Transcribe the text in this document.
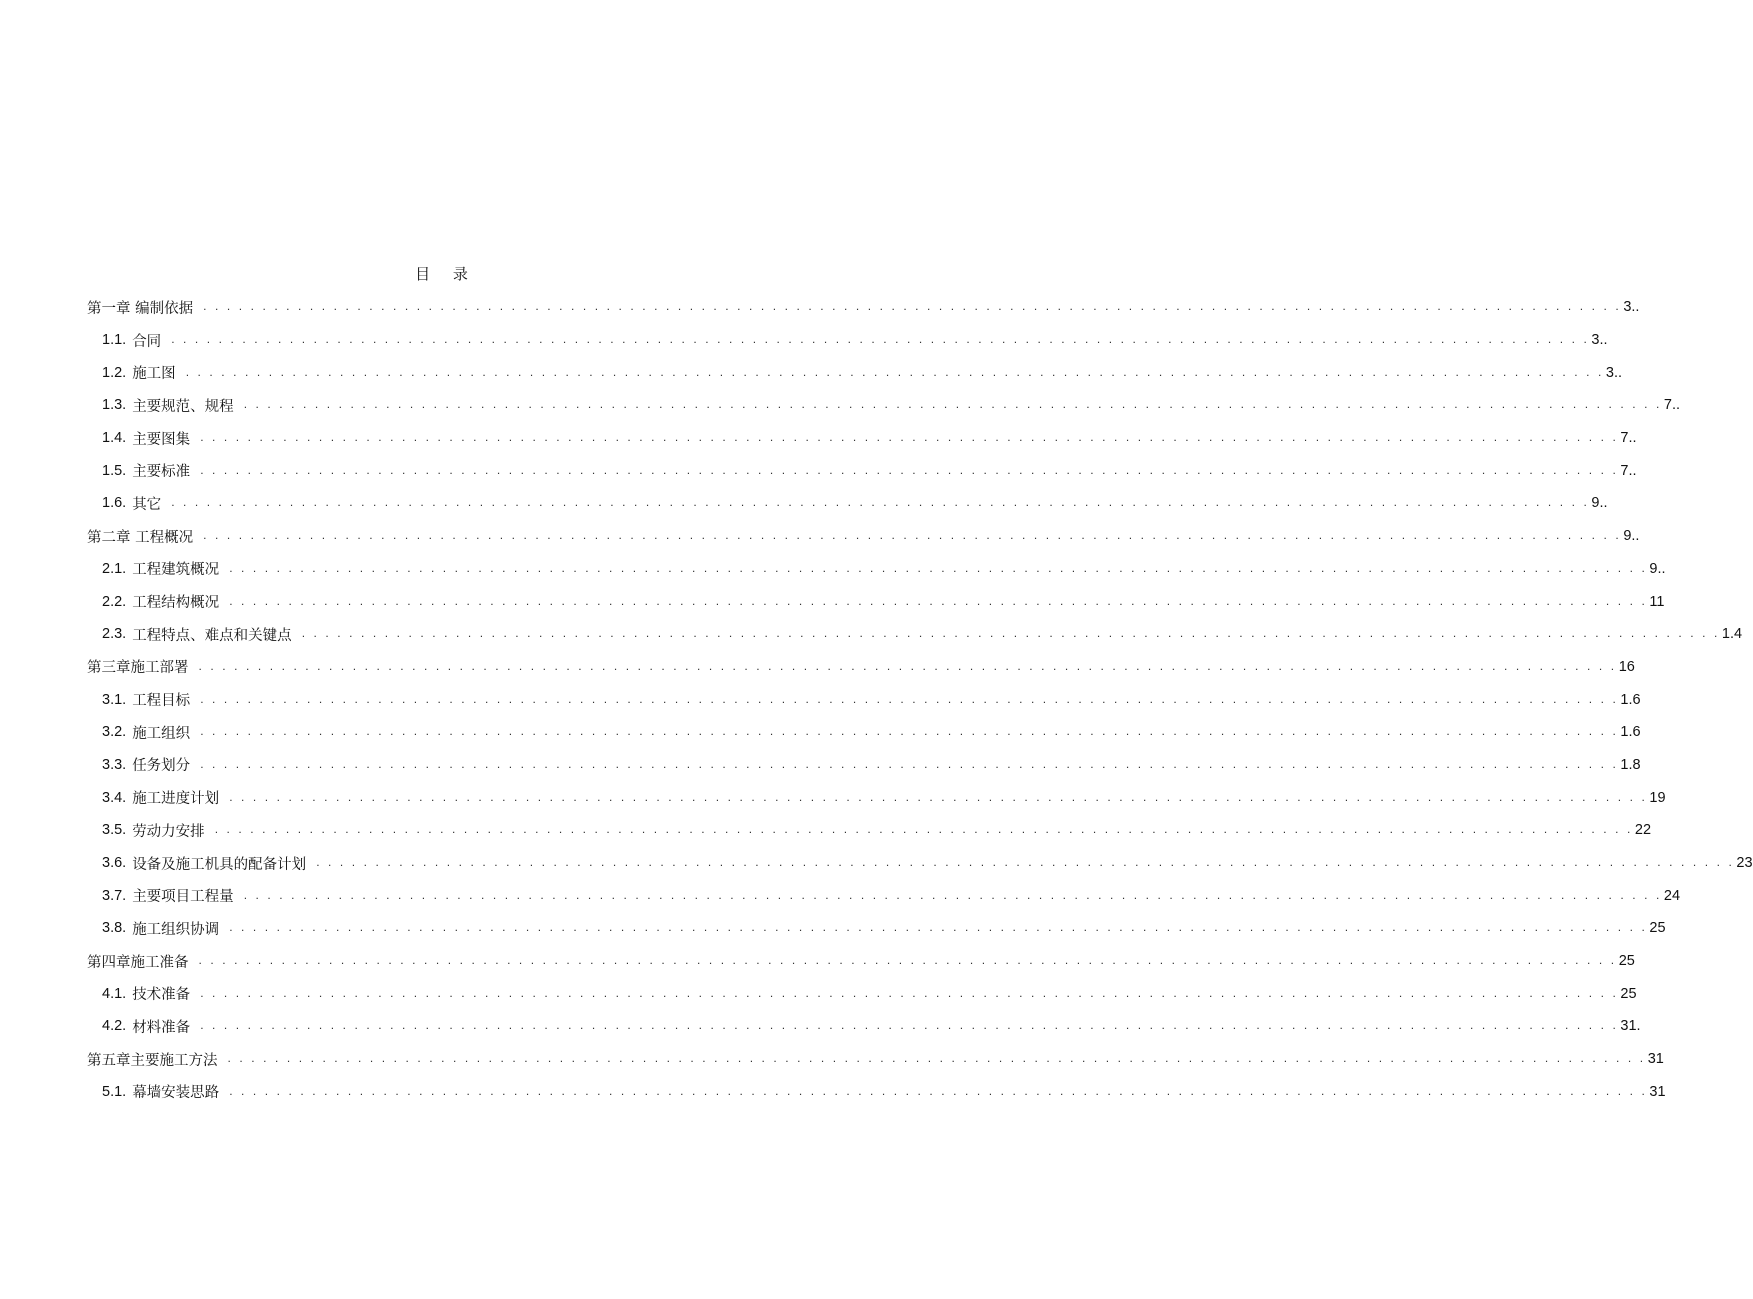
目 录
第一章 编制依据 . . . . . . . . . . . . . . . . . . . . . . . . . . . . . . . . . . . . . . . . . . . . . . . . . . . . . . . . . . . . . . . . . . . . . . . . . . . . . . . . . . . . . . . . . . . . . . . . . . . . . . . . . . . . . . . . . . . . . . . . 3..
1.1. 合同 . . . . . . . . . . . . . . . . . . . . . . . . . . . . . . . . . . . . . . . . . . . . . . . . . . . . . . . . . . . . . . . . . . . . . . . . . . . . . . . . . . . . . . . . . . . . . . . . . . . . . . . . . . . . . . . . . . . . . . . . 3..
1.2. 施工图 . . . . . . . . . . . . . . . . . . . . . . . . . . . . . . . . . . . . . . . . . . . . . . . . . . . . . . . . . . . . . . . . . . . . . . . . . . . . . . . . . . . . . . . . . . . . . . . . . . . . . . . . . . . . . . . . . . . . . . . . 3..
1.3. 主要规范、规程 . . . . . . . . . . . . . . . . . . . . . . . . . . . . . . . . . . . . . . . . . . . . . . . . . . . . . . . . . . . . . . . . . . . . . . . . . . . . . . . . . . . . . . . . . . . . . . . . . . . . . . . . . . . . . . . . . . . . . . . . 7..
1.4. 主要图集 . . . . . . . . . . . . . . . . . . . . . . . . . . . . . . . . . . . . . . . . . . . . . . . . . . . . . . . . . . . . . . . . . . . . . . . . . . . . . . . . . . . . . . . . . . . . . . . . . . . . . . . . . . . . . . . . . . . . . . . . 7..
1.5. 主要标准 . . . . . . . . . . . . . . . . . . . . . . . . . . . . . . . . . . . . . . . . . . . . . . . . . . . . . . . . . . . . . . . . . . . . . . . . . . . . . . . . . . . . . . . . . . . . . . . . . . . . . . . . . . . . . . . . . . . . . . . . 7..
1.6. 其它 . . . . . . . . . . . . . . . . . . . . . . . . . . . . . . . . . . . . . . . . . . . . . . . . . . . . . . . . . . . . . . . . . . . . . . . . . . . . . . . . . . . . . . . . . . . . . . . . . . . . . . . . . . . . . . . . . . . . . . . . 9..
第二章 工程概况 . . . . . . . . . . . . . . . . . . . . . . . . . . . . . . . . . . . . . . . . . . . . . . . . . . . . . . . . . . . . . . . . . . . . . . . . . . . . . . . . . . . . . . . . . . . . . . . . . . . . . . . . . . . . . . . . . . . . . . . . 9..
2.1. 工程建筑概况 . . . . . . . . . . . . . . . . . . . . . . . . . . . . . . . . . . . . . . . . . . . . . . . . . . . . . . . . . . . . . . . . . . . . . . . . . . . . . . . . . . . . . . . . . . . . . . . . . . . . . . . . . . . . . . . . . . . . . . . . 9..
2.2. 工程结构概况 . . . . . . . . . . . . . . . . . . . . . . . . . . . . . . . . . . . . . . . . . . . . . . . . . . . . . . . . . . . . . . . . . . . . . . . . . . . . . . . . . . . . . . . . . . . . . . . . . . . . . . . . . . . . . . . . . . . . . . . . 11
2.3. 工程特点、难点和关键点 . . . . . . . . . . . . . . . . . . . . . . . . . . . . . . . . . . . . . . . . . . . . . . . . . . . . . . . . . . . . . . . . . . . . . . . . . . . . . . . . . . . . . . . . . . . . . . . . . . . . . . . . . . . . . . . . . . . . . . . . 1.4
第三章施工部署 . . . . . . . . . . . . . . . . . . . . . . . . . . . . . . . . . . . . . . . . . . . . . . . . . . . . . . . . . . . . . . . . . . . . . . . . . . . . . . . . . . . . . . . . . . . . . . . . . . . . . . . . . . . . . . . . . . . . . . . . 16
3.1. 工程目标 . . . . . . . . . . . . . . . . . . . . . . . . . . . . . . . . . . . . . . . . . . . . . . . . . . . . . . . . . . . . . . . . . . . . . . . . . . . . . . . . . . . . . . . . . . . . . . . . . . . . . . . . . . . . . . . . . . . . . . . . 1.6
3.2. 施工组织 . . . . . . . . . . . . . . . . . . . . . . . . . . . . . . . . . . . . . . . . . . . . . . . . . . . . . . . . . . . . . . . . . . . . . . . . . . . . . . . . . . . . . . . . . . . . . . . . . . . . . . . . . . . . . . . . . . . . . . . . 1.6
3.3. 任务划分 . . . . . . . . . . . . . . . . . . . . . . . . . . . . . . . . . . . . . . . . . . . . . . . . . . . . . . . . . . . . . . . . . . . . . . . . . . . . . . . . . . . . . . . . . . . . . . . . . . . . . . . . . . . . . . . . . . . . . . . . 1.8
3.4. 施工进度计划 . . . . . . . . . . . . . . . . . . . . . . . . . . . . . . . . . . . . . . . . . . . . . . . . . . . . . . . . . . . . . . . . . . . . . . . . . . . . . . . . . . . . . . . . . . . . . . . . . . . . . . . . . . . . . . . . . . . . . . . . 19
3.5. 劳动力安排 . . . . . . . . . . . . . . . . . . . . . . . . . . . . . . . . . . . . . . . . . . . . . . . . . . . . . . . . . . . . . . . . . . . . . . . . . . . . . . . . . . . . . . . . . . . . . . . . . . . . . . . . . . . . . . . . . . . . . . . . 22
3.6. 设备及施工机具的配备计划 . . . . . . . . . . . . . . . . . . . . . . . . . . . . . . . . . . . . . . . . . . . . . . . . . . . . . . . . . . . . . . . . . . . . . . . . . . . . . . . . . . . . . . . . . . . . . . . . . . . . . . . . . . . . . . . . . . . . . . . . 23
3.7. 主要项目工程量 . . . . . . . . . . . . . . . . . . . . . . . . . . . . . . . . . . . . . . . . . . . . . . . . . . . . . . . . . . . . . . . . . . . . . . . . . . . . . . . . . . . . . . . . . . . . . . . . . . . . . . . . . . . . . . . . . . . . . . . . 24
3.8. 施工组织协调 . . . . . . . . . . . . . . . . . . . . . . . . . . . . . . . . . . . . . . . . . . . . . . . . . . . . . . . . . . . . . . . . . . . . . . . . . . . . . . . . . . . . . . . . . . . . . . . . . . . . . . . . . . . . . . . . . . . . . . . . 25
第四章施工准备 . . . . . . . . . . . . . . . . . . . . . . . . . . . . . . . . . . . . . . . . . . . . . . . . . . . . . . . . . . . . . . . . . . . . . . . . . . . . . . . . . . . . . . . . . . . . . . . . . . . . . . . . . . . . . . . . . . . . . . . . 25
4.1. 技术准备 . . . . . . . . . . . . . . . . . . . . . . . . . . . . . . . . . . . . . . . . . . . . . . . . . . . . . . . . . . . . . . . . . . . . . . . . . . . . . . . . . . . . . . . . . . . . . . . . . . . . . . . . . . . . . . . . . . . . . . . . 25
4.2. 材料准备 . . . . . . . . . . . . . . . . . . . . . . . . . . . . . . . . . . . . . . . . . . . . . . . . . . . . . . . . . . . . . . . . . . . . . . . . . . . . . . . . . . . . . . . . . . . . . . . . . . . . . . . . . . . . . . . . . . . . . . . . 31.
第五章主要施工方法 . . . . . . . . . . . . . . . . . . . . . . . . . . . . . . . . . . . . . . . . . . . . . . . . . . . . . . . . . . . . . . . . . . . . . . . . . . . . . . . . . . . . . . . . . . . . . . . . . . . . . . . . . . . . . . . . . . . . . . . . 31
5.1. 幕墙安装思路 . . . . . . . . . . . . . . . . . . . . . . . . . . . . . . . . . . . . . . . . . . . . . . . . . . . . . . . . . . . . . . . . . . . . . . . . . . . . . . . . . . . . . . . . . . . . . . . . . . . . . . . . . . . . . . . . . . . . . . . . 31
